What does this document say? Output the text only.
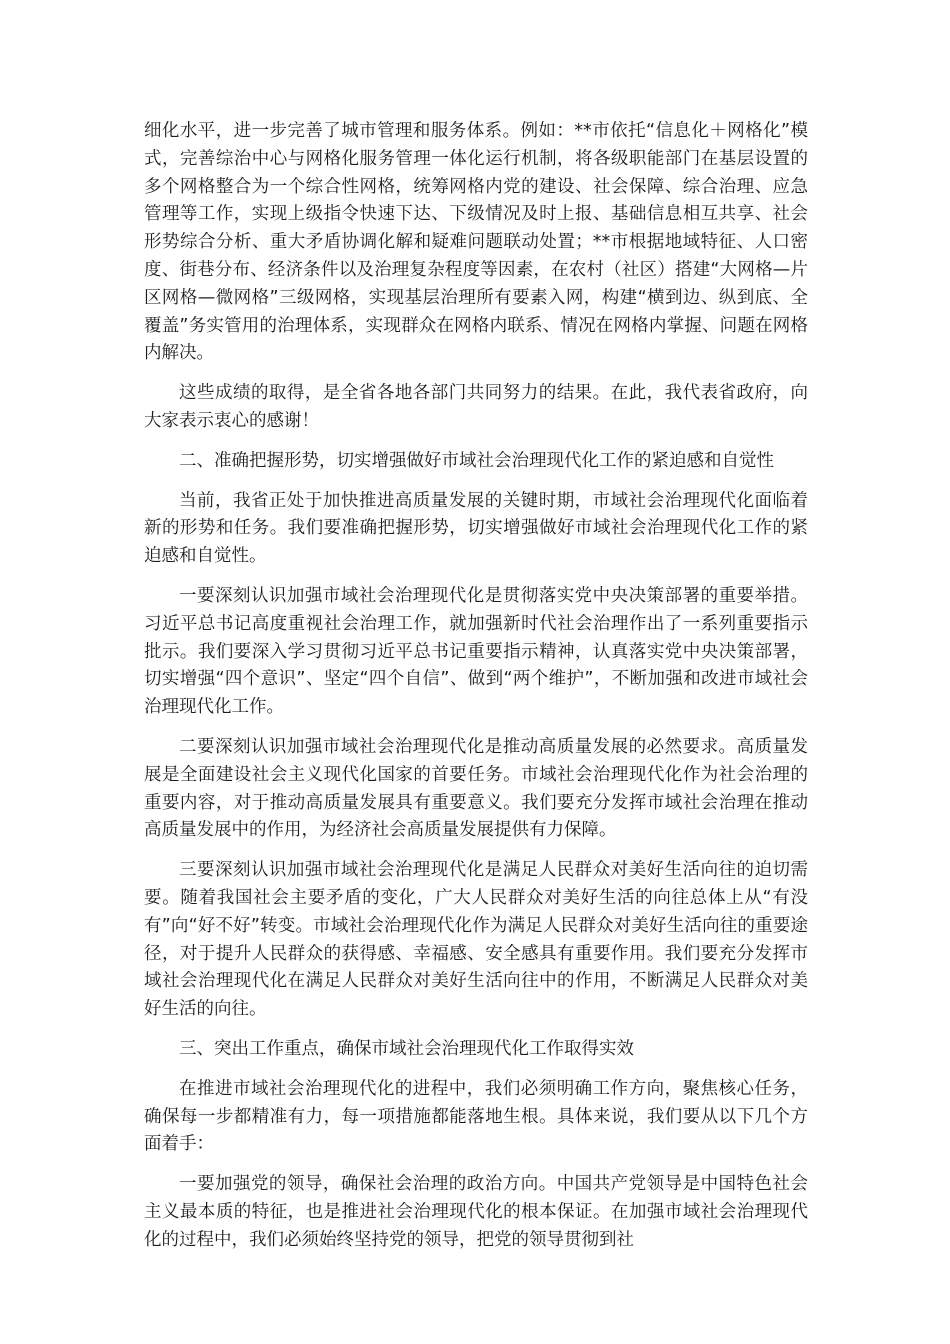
细化水平，进一步完善了城市管理和服务体系。例如：**市依托“信息化＋网格化”模式，完善综治中心与网格化服务管理一体化运行机制，将各级职能部门在基层设置的多个网格整合为一个综合性网格，统筹网格内党的建设、社会保障、综合治理、应急管理等工作，实现上级指令快速下达、下级情况及时上报、基础信息相互共享、社会形势综合分析、重大矛盾协调化解和疑难问题联动处置；**市根据地域特征、人口密度、街巷分布、经济条件以及治理复杂程度等因素，在农村（社区）搭建“大网格—片区网格—微网格”三级网格，实现基层治理所有要素入网，构建“横到边、纵到底、全覆盖”务实管用的治理体系，实现群众在网格内联系、情况在网格内掌握、问题在网格内解决。

这些成绩的取得，是全省各地各部门共同努力的结果。在此，我代表省政府，向大家表示衷心的感谢！

二、准确把握形势，切实增强做好市域社会治理现代化工作的紧迫感和自觉性

当前，我省正处于加快推进高质量发展的关键时期，市域社会治理现代化面临着新的形势和任务。我们要准确把握形势，切实增强做好市域社会治理现代化工作的紧迫感和自觉性。

一要深刻认识加强市域社会治理现代化是贯彻落实党中央决策部署的重要举措。习近平总书记高度重视社会治理工作，就加强新时代社会治理作出了一系列重要指示批示。我们要深入学习贯彻习近平总书记重要指示精神，认真落实党中央决策部署，切实增强“四个意识”、坚定“四个自信”、做到“两个维护”，不断加强和改进市域社会治理现代化工作。

二要深刻认识加强市域社会治理现代化是推动高质量发展的必然要求。高质量发展是全面建设社会主义现代化国家的首要任务。市域社会治理现代化作为社会治理的重要内容，对于推动高质量发展具有重要意义。我们要充分发挥市域社会治理在推动高质量发展中的作用，为经济社会高质量发展提供有力保障。

三要深刻认识加强市域社会治理现代化是满足人民群众对美好生活向往的迫切需要。随着我国社会主要矛盾的变化，广大人民群众对美好生活的向往总体上从“有没有”向“好不好”转变。市域社会治理现代化作为满足人民群众对美好生活向往的重要途径，对于提升人民群众的获得感、幸福感、安全感具有重要作用。我们要充分发挥市域社会治理现代化在满足人民群众对美好生活向往中的作用，不断满足人民群众对美好生活的向往。

三、突出工作重点，确保市域社会治理现代化工作取得实效

在推进市域社会治理现代化的进程中，我们必须明确工作方向，聚焦核心任务，确保每一步都精准有力，每一项措施都能落地生根。具体来说，我们要从以下几个方面着手：

一要加强党的领导，确保社会治理的政治方向。中国共产党领导是中国特色社会主义最本质的特征，也是推进社会治理现代化的根本保证。在加强市域社会治理现代化的过程中，我们必须始终坚持党的领导，把党的领导贯彻到社
